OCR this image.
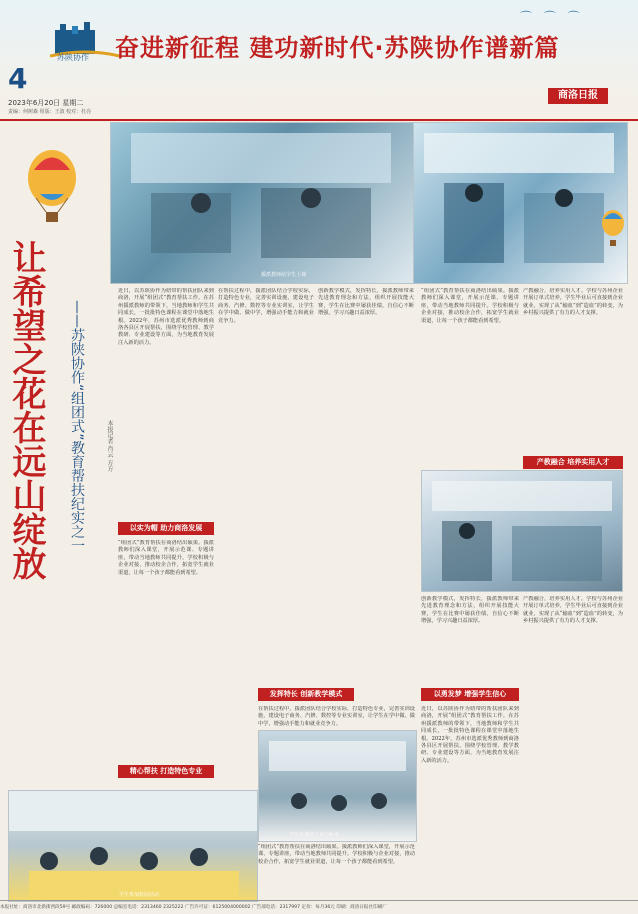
⌒ ⌒ ⌒
苏陕协作 奋进新征程 建功新时代·苏陕协作谱新篇
4
2023年6月20日 星期二
责编：何树森 组版：王波 校对：杜亮
商洛日报
援派教师给学生上课
让希望之花在远山绽放 ——苏陕协作“组团式”教育帮扶纪实之一	本报记者 肖云 方方
近日，以苏陕协作为纽带的帮扶团队来到商洛，开展“组团式”教育帮扶工作。在苏州援派教师的带领下，当地教师和学生共同成长，一批批特色课程在课堂中落地生根。2022年，苏州市选派优秀教师到商洛各县区开展帮扶，围绕学校管理、教学教研、专业建设等方面，为当地教育发展注入新的活力。
以实为帽 助力商洛发展
“组团式”教育帮扶在商洛结出硕果。援派教师们深入课堂，开展示范课、专题讲座，带动当地教师共同提升。学校积极与企业对接，推动校企合作，拓宽学生就业渠道，让每一个孩子都能看到希望。
在帮扶过程中，援派团队结合学校实际，打造特色专业，完善实训设施，建设电子商务、汽修、数控等专业实训室，让学生在学中做、做中学，增强动手能力和就业竞争力。
创新教学模式，发挥特长，援派教师带来先进教育理念和方法，组织开展技能大赛，学生在比赛中屡获佳绩，自信心不断增强，学习兴趣日益浓厚。
“组团式”教育帮扶在商洛结出硕果。援派教师们深入课堂，开展示范课、专题讲座，带动当地教师共同提升。学校积极与企业对接，推动校企合作，拓宽学生就业渠道，让每一个孩子都能看到希望。
产教融合，培养实用人才。学校与苏州企业开展订单式培养，学生毕业后可直接到企业就业，实现了从“输血”到“造血”的转变，为乡村振兴提供了有力的人才支撑。
产教融合 培养实用人才
精心帮扶 打造特色专业
发挥特长 创新教学模式	以勇发梦 增强学生信心
在帮扶过程中，援派团队结合学校实际，打造特色专业，完善实训设施，建设电子商务、汽修、数控等专业实训室，让学生在学中做、做中学，增强动手能力和就业竞争力。
创新教学模式，发挥特长，援派教师带来先进教育理念和方法，组织开展技能大赛，学生在比赛中屡获佳绩，自信心不断增强，学习兴趣日益浓厚。
产教融合，培养实用人才。学校与苏州企业开展订单式培养，学生毕业后可直接到企业就业，实现了从“输血”到“造血”的转变，为乡村振兴提供了有力的人才支撑。
近日，以苏陕协作为纽带的帮扶团队来到商洛，开展“组团式”教育帮扶工作。在苏州援派教师的带领下，当地教师和学生共同成长，一批批特色课程在课堂中落地生根。2022年，苏州市选派优秀教师到商洛各县区开展帮扶，围绕学校管理、教学教研、专业建设等方面，为当地教育发展注入新的活力。
“组团式”教育帮扶在商洛结出硕果。援派教师们深入课堂，开展示范课、专题讲座，带动当地教师共同提升。学校积极与企业对接，推动校企合作，拓宽学生就业渠道，让每一个孩子都能看到希望。
学生参加校园活动
学生在课堂上专心听讲
本报社址：商洛市北新街西段59号 邮政编码：726000 总编室电话：2313460 2325222 广告许可证：6125004000002 广告部电话：2317997 定价：每月36元 印刷：商洛日报社印刷厂
